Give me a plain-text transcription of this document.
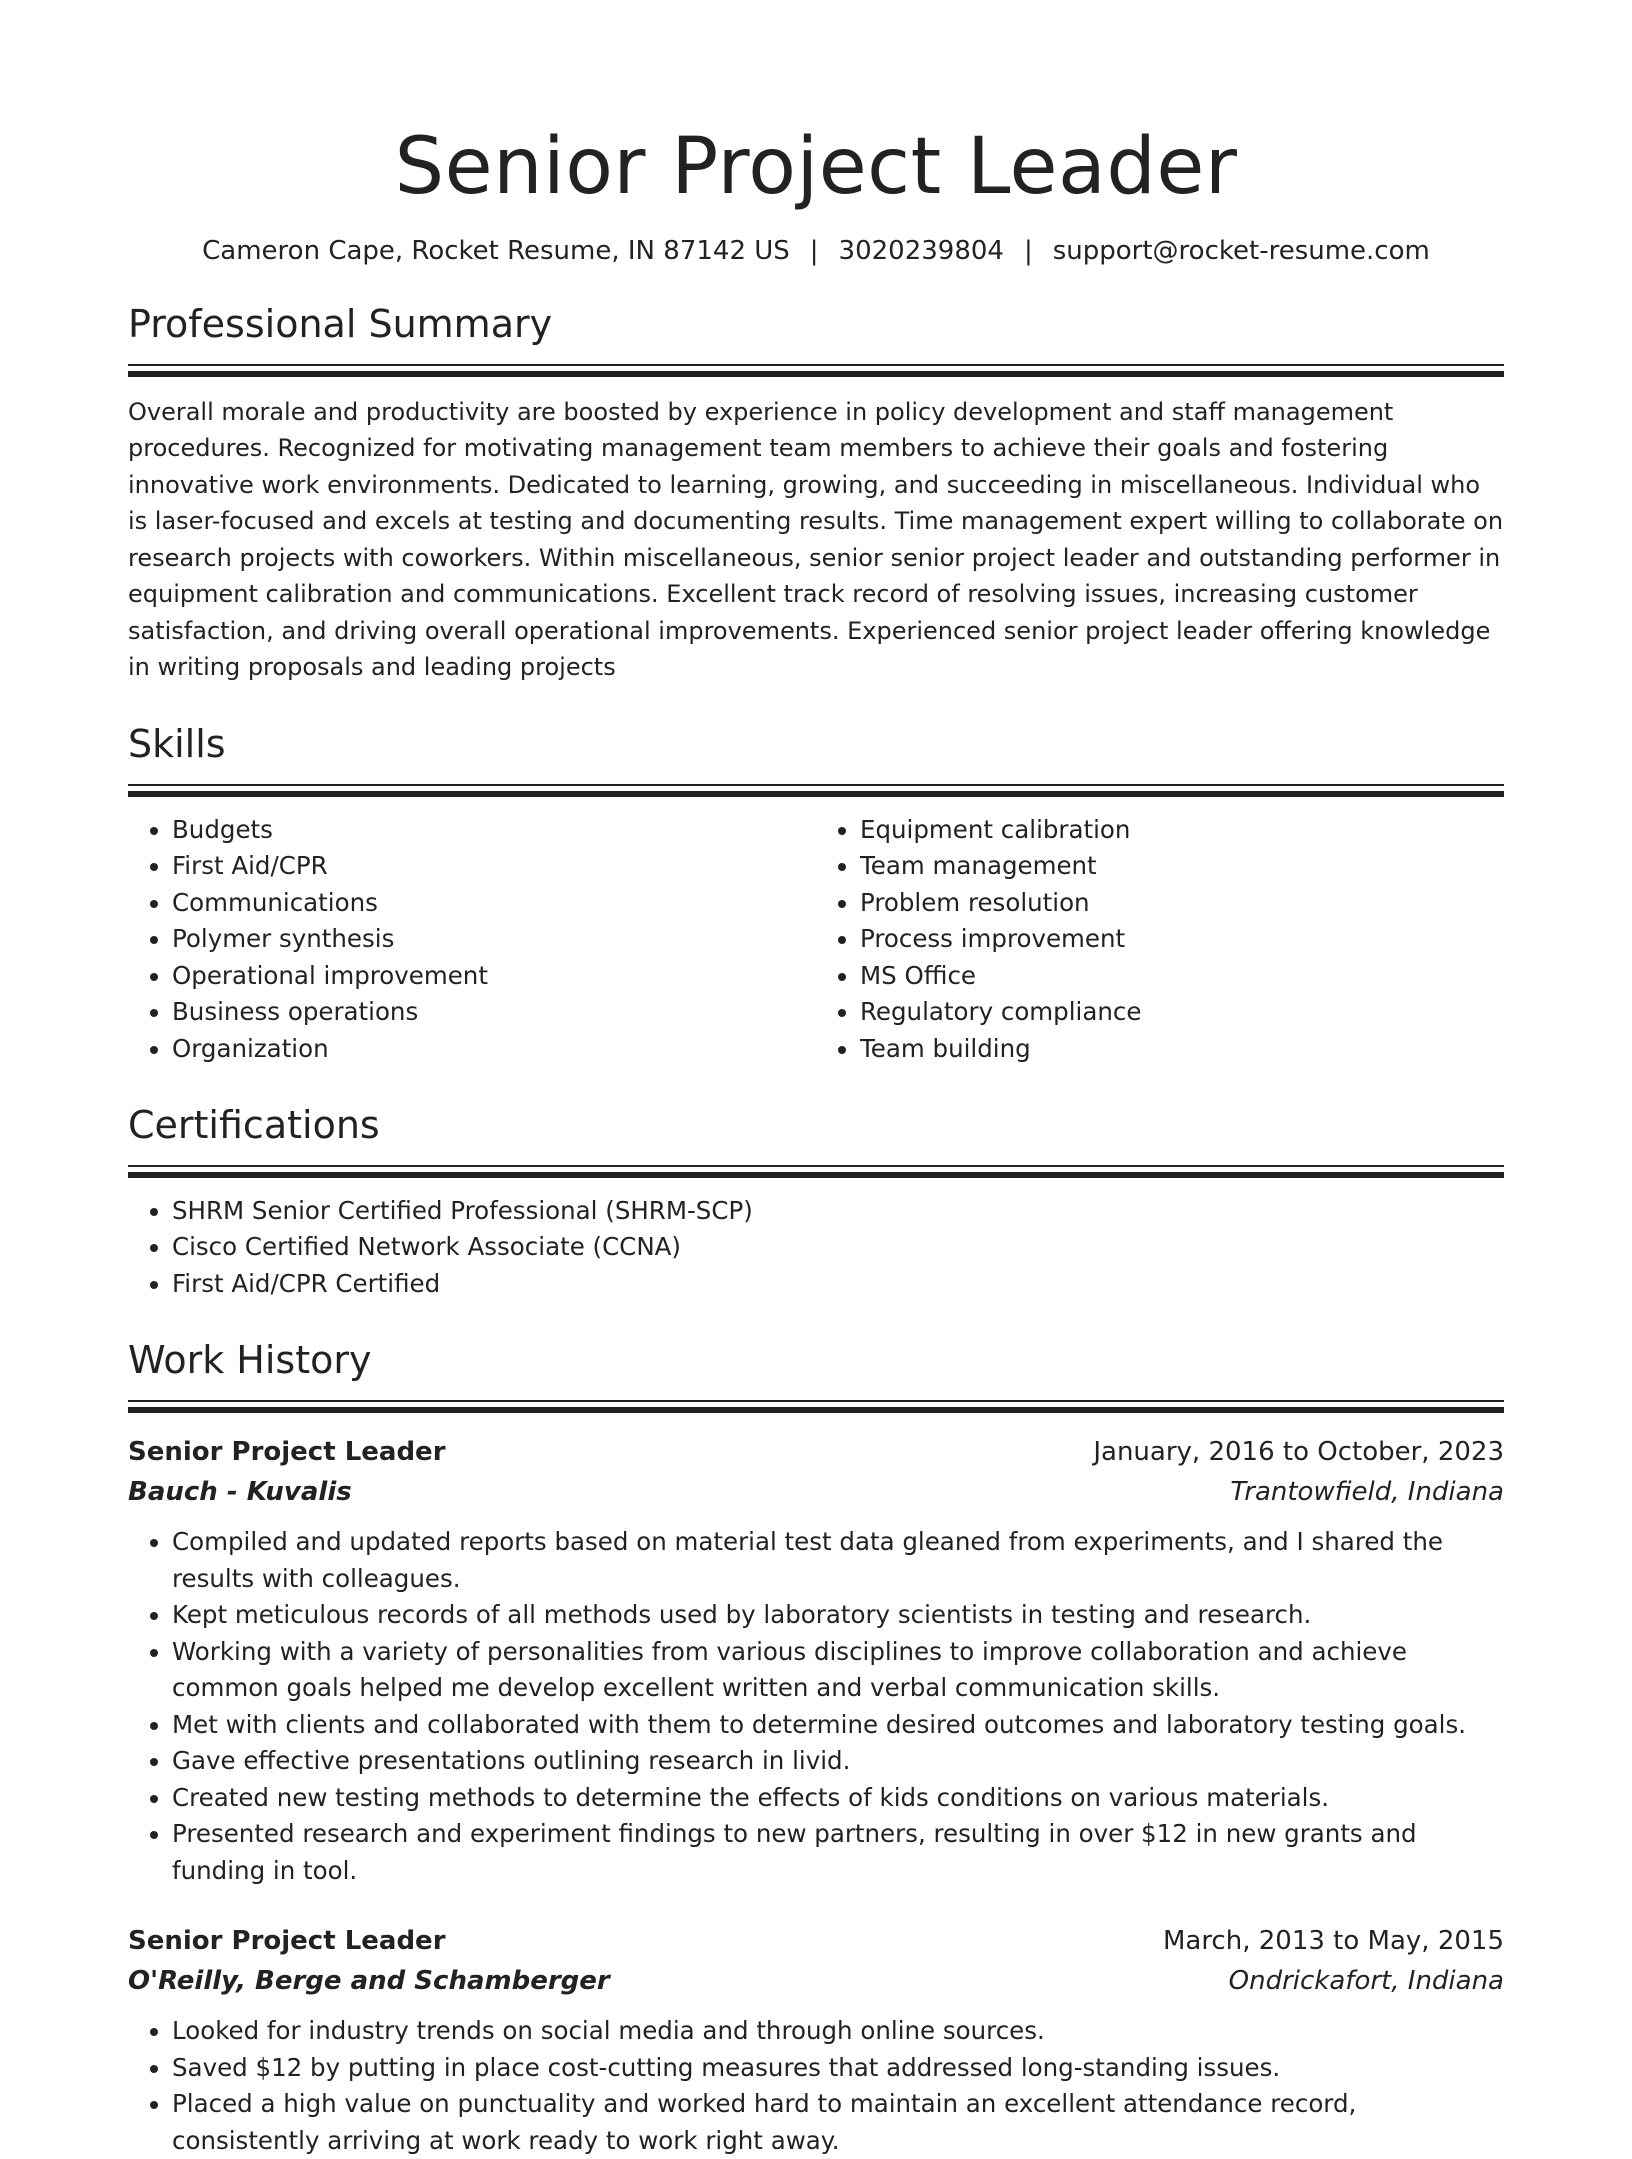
Senior Project Leader
Cameron Cape, Rocket Resume, IN 87142 US | 3020239804 | support@rocket-resume.com
Professional Summary
Overall morale and productivity are boosted by experience in policy development and staff management procedures. Recognized for motivating management team members to achieve their goals and fostering innovative work environments. Dedicated to learning, growing, and succeeding in miscellaneous. Individual who is laser-focused and excels at testing and documenting results. Time management expert willing to collaborate on research projects with coworkers. Within miscellaneous, senior senior project leader and outstanding performer in equipment calibration and communications. Excellent track record of resolving issues, increasing customer satisfaction, and driving overall operational improvements. Experienced senior project leader offering knowledge in writing proposals and leading projects
Skills
• Budgets
• First Aid/CPR
• Communications
• Polymer synthesis
• Operational improvement
• Business operations
• Organization
• Equipment calibration
• Team management
• Problem resolution
• Process improvement
• MS Office
• Regulatory compliance
• Team building
Certifications
• SHRM Senior Certified Professional (SHRM-SCP)
• Cisco Certified Network Associate (CCNA)
• First Aid/CPR Certified
Work History
Senior Project Leader	January, 2016 to October, 2023
Bauch - Kuvalis	Trantowfield, Indiana
• Compiled and updated reports based on material test data gleaned from experiments, and I shared the results with colleagues.
• Kept meticulous records of all methods used by laboratory scientists in testing and research.
• Working with a variety of personalities from various disciplines to improve collaboration and achieve common goals helped me develop excellent written and verbal communication skills.
• Met with clients and collaborated with them to determine desired outcomes and laboratory testing goals.
• Gave effective presentations outlining research in livid.
• Created new testing methods to determine the effects of kids conditions on various materials.
• Presented research and experiment findings to new partners, resulting in over $12 in new grants and funding in tool.
Senior Project Leader	March, 2013 to May, 2015
O'Reilly, Berge and Schamberger	Ondrickafort, Indiana
• Looked for industry trends on social media and through online sources.
• Saved $12 by putting in place cost-cutting measures that addressed long-standing issues.
• Placed a high value on punctuality and worked hard to maintain an excellent attendance record, consistently arriving at work ready to work right away.
